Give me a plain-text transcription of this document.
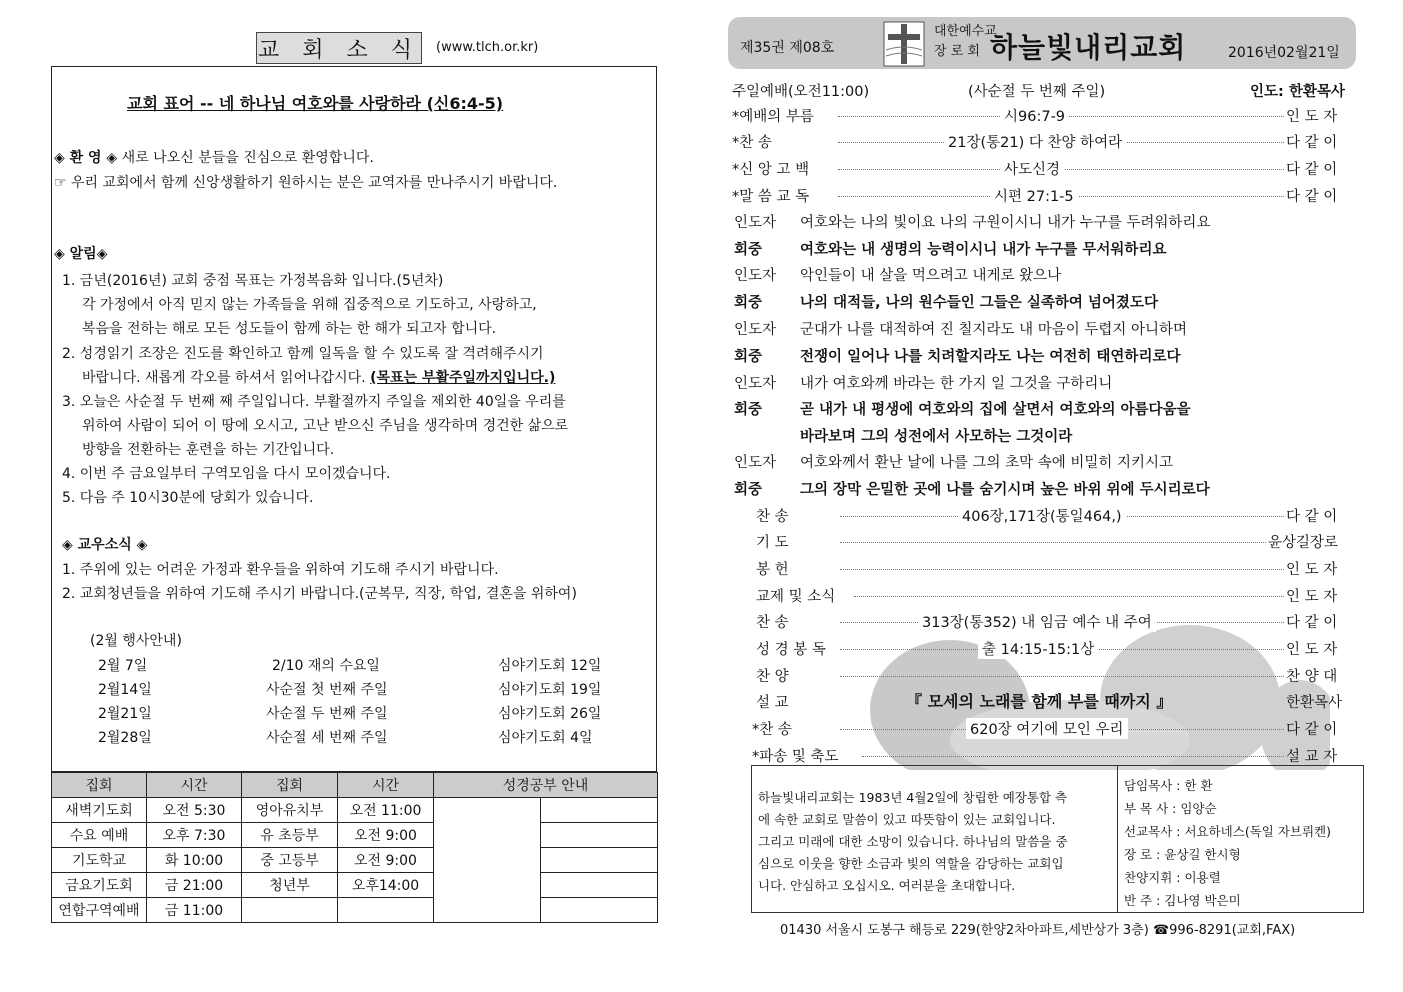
교 회 소 식 (www.tlch.or.kr)
교회 표어 -- 네 하나님 여호와를 사랑하라 (신6:4-5)
◈ 환 영 ◈ 새로 나오신 분들을 진심으로 환영합니다.
☞ 우리 교회에서 함께 신앙생활하기 원하시는 분은 교역자를 만나주시기 바랍니다.
◈ 알림◈
1. 금년(2016년) 교회 중점 목표는 가정복음화 입니다.(5년차)
각 가정에서 아직 믿지 않는 가족들을 위해 집중적으로 기도하고, 사랑하고,
복음을 전하는 해로 모든 성도들이 함께 하는 한 해가 되고자 합니다.
2. 성경읽기 조장은 진도를 확인하고 함께 일독을 할 수 있도록 잘 격려해주시기
바랍니다. 새롭게 각오를 하셔서 읽어나갑시다. (목표는 부활주일까지입니다.)
3. 오늘은 사순절 두 번째 째 주일입니다. 부활절까지 주일을 제외한 40일을 우리를
위하여 사람이 되어 이 땅에 오시고, 고난 받으신 주님을 생각하며 경건한 삶으로
방향을 전환하는 훈련을 하는 기간입니다.
4. 이번 주 금요일부터 구역모임을 다시 모이겠습니다.
5. 다음 주 10시30분에 당회가 있습니다.
◈ 교우소식 ◈
1. 주위에 있는 어려운 가정과 환우들을 위하여 기도해 주시기 바랍니다.
2. 교회청년들을 위하여 기도해 주시기 바랍니다.(군복무, 직장, 학업, 결혼을 위하여)
(2월 행사안내)
2월 7일	2/10 재의 수요일	심야기도회 12일
2월14일	사순절 첫 번째 주일	심야기도회 19일
2월21일	사순절 두 번째 주일	심야기도회 26일
2월28일	사순절 세 번째 주일	심야기도회 4일
집회	시간	집회	시간	성경공부 안내	
새벽기도회	오전 5:30	영아유치부	오전 11:00		
수요 예배	오후 7:30	유 초등부	오전 9:00		
기도학교	화 10:00	중 고등부	오전 9:00		
금요기도회	금 21:00	청년부	오후14:00		
연합구역예배	금 11:00				
제35권 제08호
대한예수교
장 로 회 하늘빛내리교회	2016년02월21일
주일예배(오전11:00)	(사순절 두 번째 주일)	인도: 한환목사
*예배의 부름	시96:7-9	인 도 자
*찬 송	21장(통21) 다 찬양 하여라	다 같 이
*신 앙 고 백	사도신경	다 같 이
*말 씀 교 독	시편 27:1-5	다 같 이
인도자 여호와는 나의 빛이요 나의 구원이시니 내가 누구를 두려워하리요
회중	여호와는 내 생명의 능력이시니 내가 누구를 무서워하리요
인도자 악인들이 내 살을 먹으려고 내게로 왔으나
회중	나의 대적들, 나의 원수들인 그들은 실족하여 넘어졌도다
인도자 군대가 나를 대적하여 진 칠지라도 내 마음이 두렵지 아니하며
회중	전쟁이 일어나 나를 치려할지라도 나는 여전히 태연하리로다
인도자 내가 여호와께 바라는 한 가지 일 그것을 구하리니
회중	곧 내가 내 평생에 여호와의 집에 살면서 여호와의 아름다움을
바라보며 그의 성전에서 사모하는 그것이라
인도자 여호와께서 환난 날에 나를 그의 초막 속에 비밀히 지키시고
회중	그의 장막 은밀한 곳에 나를 숨기시며 높은 바위 위에 두시리로다
찬 송	406장,171장(통일464,)	다 같 이
기 도	윤상길장로
봉 헌	인 도 자
교제 및 소식	인 도 자
찬 송	313장(통352) 내 임금 예수 내 주여	다 같 이
성 경 봉 독	출 14:15-15:1상	인 도 자
찬 양	찬 양 대
설 교	『 모세의 노래를 함께 부를 때까지 』	한환목사
*찬 송	620장 여기에 모인 우리	다 같 이
*파송 및 축도	설 교 자
하늘빛내리교회는 1983년 4월2일에 창립한 예장통합 측
에 속한 교회로 말씀이 있고 따뜻함이 있는 교회입니다.
그리고 미래에 대한 소망이 있습니다. 하나님의 말씀을 중
심으로 이웃을 향한 소금과 빛의 역할을 감당하는 교회입
니다. 안심하고 오십시오. 여러분을 초대합니다.
담임목사 : 한 환
부 목 사 : 임양순
선교목사 : 서요하네스(독일 자브뤼켄)
장 로 : 윤상길 한시형
찬양지휘 : 이용렬
반 주 : 김나영 박은미
01430 서울시 도봉구 해등로 229(한양2차아파트,세반상가 3층) ☎996-8291(교회,FAX)
